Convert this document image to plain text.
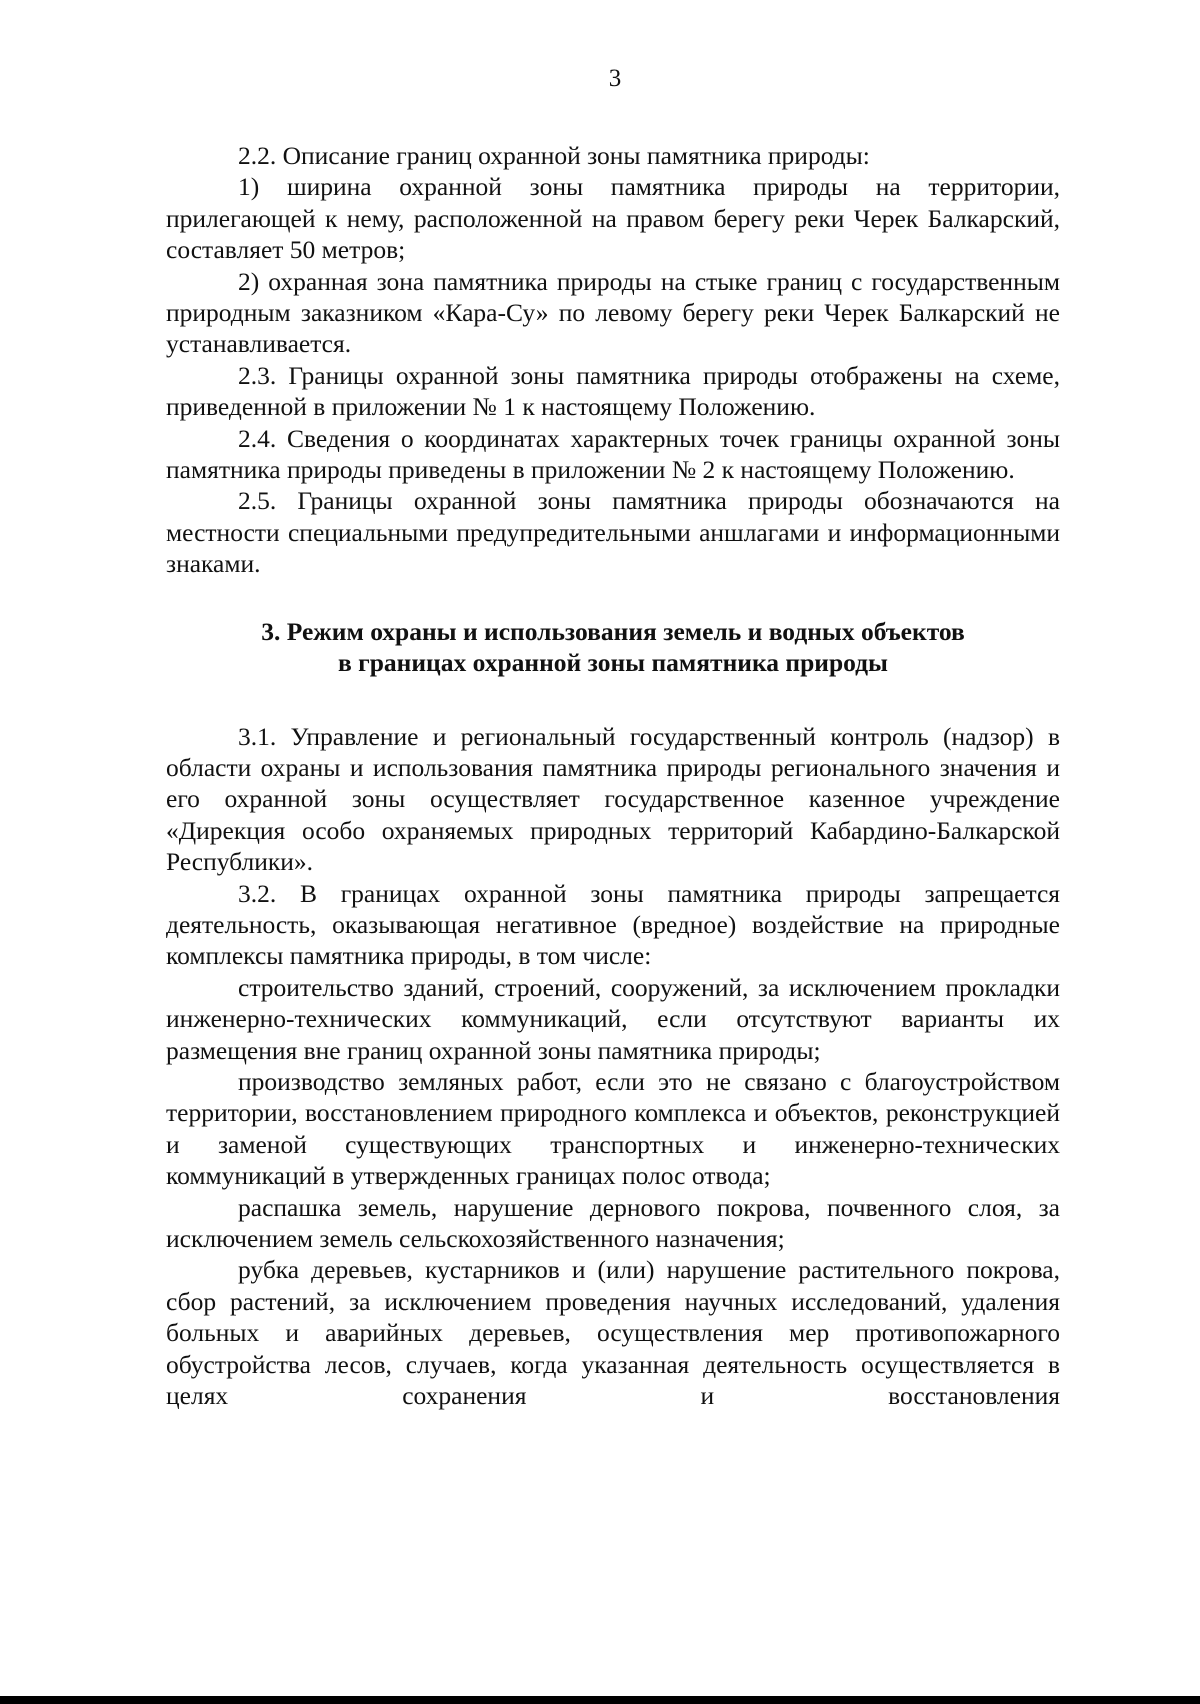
3

2.2. Описание границ охранной зоны памятника природы:

1) ширина охранной зоны памятника природы на территории, прилегающей к нему, расположенной на правом берегу реки Черек Балкарский, составляет 50 метров;

2) охранная зона памятника природы на стыке границ с государственным природным заказником «Кара-Су» по левому берегу реки Черек Балкарский не устанавливается.

2.3. Границы охранной зоны памятника природы отображены на схеме, приведенной в приложении № 1 к настоящему Положению.

2.4. Сведения о координатах характерных точек границы охранной зоны памятника природы приведены в приложении № 2 к настоящему Положению.

2.5. Границы охранной зоны памятника природы обозначаются на местности специальными предупредительными аншлагами и информационными знаками.

3. Режим охраны и использования земель и водных объектов
в границах охранной зоны памятника природы

3.1. Управление и региональный государственный контроль (надзор) в области охраны и использования памятника природы регионального значения и его охранной зоны осуществляет государственное казенное учреждение «Дирекция особо охраняемых природных территорий Кабардино-Балкарской Республики».

3.2. В границах охранной зоны памятника природы запрещается деятельность, оказывающая негативное (вредное) воздействие на природные комплексы памятника природы, в том числе:

строительство зданий, строений, сооружений, за исключением прокладки инженерно-технических коммуникаций, если отсутствуют варианты их размещения вне границ охранной зоны памятника природы;

производство земляных работ, если это не связано с благоустройством территории, восстановлением природного комплекса и объектов, реконструкцией и заменой существующих транспортных и инженерно-технических коммуникаций в утвержденных границах полос отвода;

распашка земель, нарушение дернового покрова, почвенного слоя, за исключением земель сельскохозяйственного назначения;

рубка деревьев, кустарников и (или) нарушение растительного покрова, сбор растений, за исключением проведения научных исследований, удаления больных и аварийных деревьев, осуществления мер противопожарного обустройства лесов, случаев, когда указанная деятельность осуществляется в целях сохранения и восстановления
